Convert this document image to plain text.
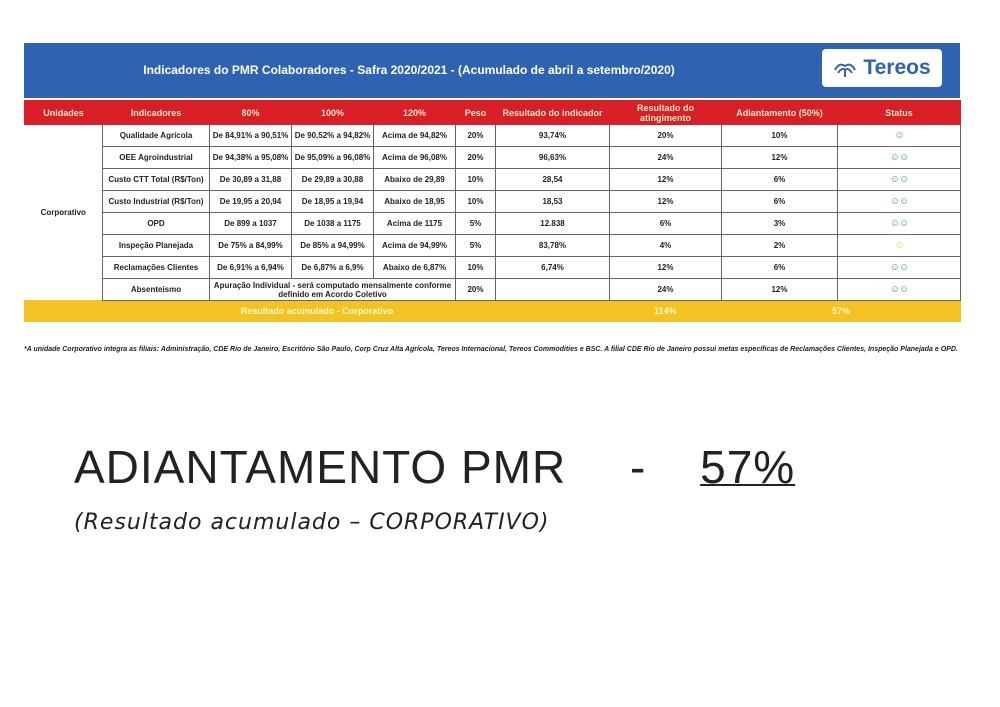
Indicadores do PMR Colaboradores - Safra 2020/2021 - (Acumulado de abril a setembro/2020)	Tereos
Unidades	Indicadores	80%	100%	120%	Peso	Resultado do indicador	Resultado do atingimento	Adiantamento (50%)	Status
Corporativo	Qualidade Agrícola	De 84,91% a 90,51%	De 90,52% a 94,82%	Acima de 94,82%	20%	93,74%	20%	10%	☺
	OEE Agroindustrial	De 94,38% a 95,08%	De 95,09% a 96,08%	Acima de 96,08%	20%	96,63%	24%	12%	☺☺
	Custo CTT Total (R$/Ton)	De 30,89 a 31,88	De 29,89 a 30,88	Abaixo de 29,89	10%	28,54	12%	6%	☺☺
	Custo Industrial (R$/Ton)	De 19,95 a 20,94	De 18,95 a 19,94	Abaixo de 18,95	10%	18,53	12%	6%	☺☺
	OPD	De 899 a 1037	De 1038 a 1175	Acima de 1175	5%	12.838	6%	3%	☺☺
	Inspeção Planejada	De 75% a 84,99%	De 85% a 94,99%	Acima de 94,99%	5%	83,78%	4%	2%	☺
	Reclamações Clientes	De 6,91% a 6,94%	De 6,87% a 6,9%	Abaixo de 6,87%	10%	6,74%	12%	6%	☺☺
	Absenteismo	Apuração Individual - será computado mensalmente conforme definido em Acordo Coletivo			20%		24%	12%	☺☺
Resultado acumulado - Corporativo							114%	57%	
*A unidade Corporativo integra as filiais: Administração, CDE Rio de Janeiro, Escritório São Paulo, Corp Cruz Alta Agrícola, Tereos Internacional, Tereos Commodities e BSC. A filial CDE Rio de Janeiro possui metas específicas de Reclamações Clientes, Inspeção Planejada e OPD.
ADIANTAMENTO PMR - 57%
(Resultado acumulado – CORPORATIVO)
